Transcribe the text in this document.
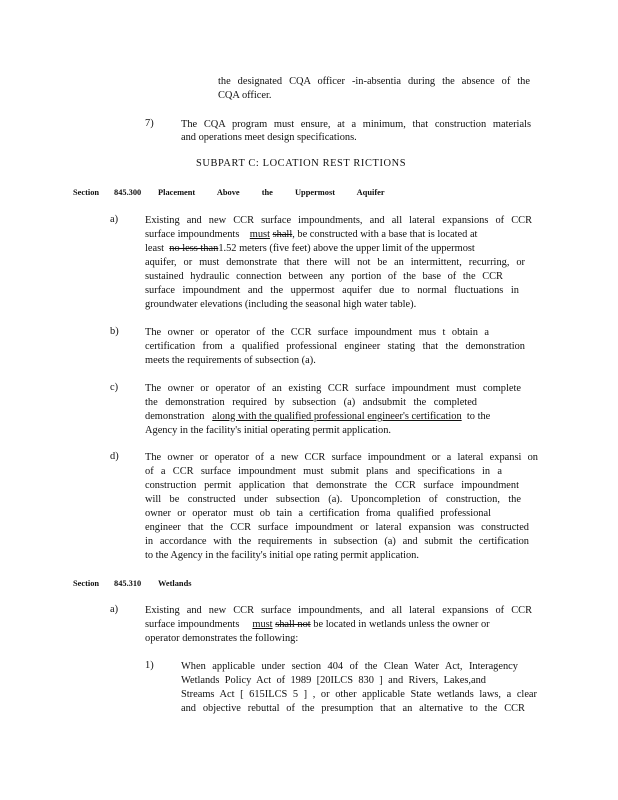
the designated CQA officer -in-absentia during the absence of the
CQA officer.
7)	The CQA program must ensure, at a minimum, that construction materials
and operations meet design specifications.
SUBPART C: LOCATION REST RICTIONS
Section 845.300 Placement Above the Uppermost Aquifer
a)	Existing and new CCR surface impoundments, and all lateral expansions of CCR
surface impoundments must shall, be constructed with a base that is located at
least no less than1.52 meters (five feet) above the upper limit of the uppermost
aquifer, or must demonstrate that there will not be an intermittent, recurring, or
sustained hydraulic connection between any portion of the base of the CCR
surface impoundment and the uppermost aquifer due to normal fluctuations in
groundwater elevations (including the seasonal high water table).
b)	The owner or operator of the CCR surface impoundment mus t obtain a
certification from a qualified professional engineer stating that the demonstration
meets the requirements of subsection (a).
c)	The owner or operator of an existing CCR surface impoundment must complete
the demonstration required by subsection (a) andsubmit the completed
demonstration along with the qualified professional engineer's certification to the
Agency in the facility's initial operating permit application.
d)	The owner or operator of a new CCR surface impoundment or a lateral expansi on
of a CCR surface impoundment must submit plans and specifications in a
construction permit application that demonstrate the CCR surface impoundment
will be constructed under subsection (a). Uponcompletion of construction, the
owner or operator must ob tain a certification froma qualified professional
engineer that the CCR surface impoundment or lateral expansion was constructed
in accordance with the requirements in subsection (a) and submit the certification
to the Agency in the facility's initial ope rating permit application.
Section 845.310 Wetlands
a)	Existing and new CCR surface impoundments, and all lateral expansions of CCR
surface impoundments must shall not be located in wetlands unless the owner or
operator demonstrates the following:
1)	When applicable under section 404 of the Clean Water Act, Interagency
Wetlands Policy Act of 1989 [20ILCS 830 ] and Rivers, Lakes,and
Streams Act [ 615ILCS 5 ] , or other applicable State wetlands laws, a clear
and objective rebuttal of the presumption that an alternative to the CCR
